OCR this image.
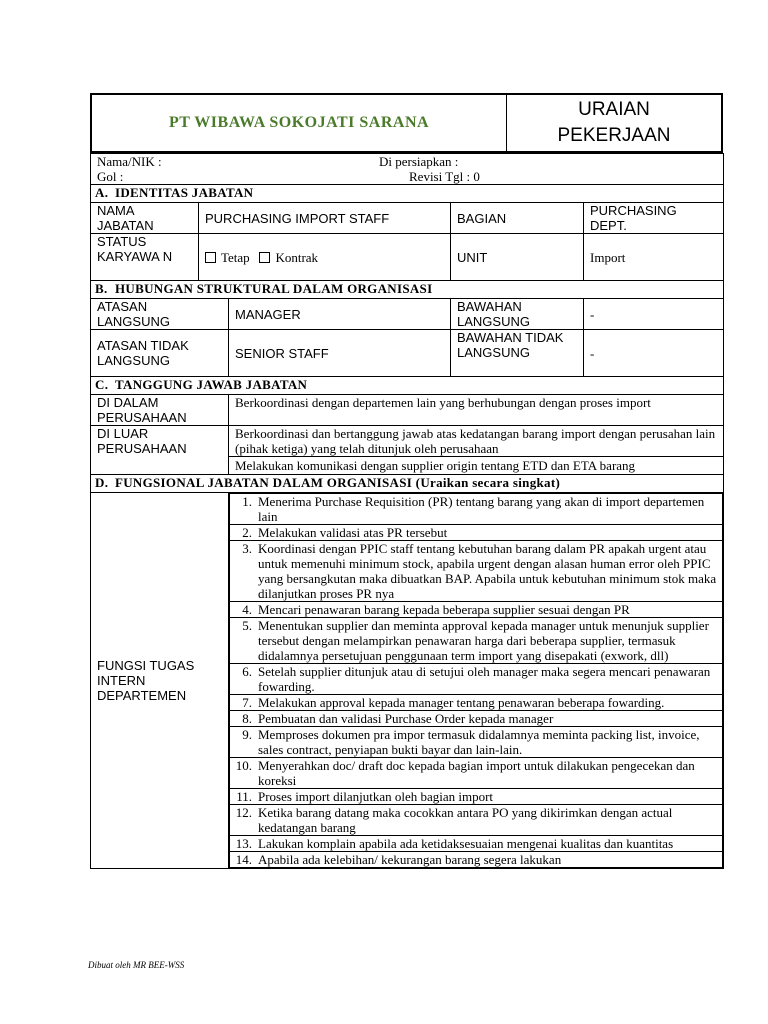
PT WIBAWA SOKOJATI SARANA
URAIAN
PEKERJAAN
Nama/NIK :	Di persiapkan :
Gol :	Revisi Tgl : 0

A. IDENTITAS JABATAN
NAMA JABATAN	PURCHASING IMPORT STAFF	BAGIAN	PURCHASING DEPT.
STATUS KARYAWA N	Tetap Kontrak	UNIT	Import
B. HUBUNGAN STRUKTURAL DALAM ORGANISASI
ATASAN LANGSUNG	MANAGER	BAWAHAN LANGSUNG	-
ATASAN TIDAK LANGSUNG	SENIOR STAFF	BAWAHAN TIDAK LANGSUNG	-
C. TANGGUNG JAWAB JABATAN
DI DALAM PERUSAHAAN	Berkoordinasi dengan departemen lain yang berhubungan dengan proses import
DI LUAR PERUSAHAAN	Berkoordinasi dan bertanggung jawab atas kedatangan barang import dengan perusahan lain (pihak ketiga) yang telah ditunjuk oleh perusahaan
Melakukan komunikasi dengan supplier origin tentang ETD dan ETA barang
D. FUNGSIONAL JABATAN DALAM ORGANISASI (Uraikan secara singkat)
FUNGSI TUGAS INTERN DEPARTEMEN	
1.	Menerima Purchase Requisition (PR) tentang barang yang akan di import departemen lain
2.	Melakukan validasi atas PR tersebut
3.	Koordinasi dengan PPIC staff tentang kebutuhan barang dalam PR apakah urgent atau untuk memenuhi minimum stock, apabila urgent dengan alasan human error oleh PPIC yang bersangkutan maka dibuatkan BAP. Apabila untuk kebutuhan minimum stok maka dilanjutkan proses PR nya
4.	Mencari penawaran barang kepada beberapa supplier sesuai dengan PR
5.	Menentukan supplier dan meminta approval kepada manager untuk menunjuk supplier tersebut dengan melampirkan penawaran harga dari beberapa supplier, termasuk didalamnya persetujuan penggunaan term import yang disepakati (exwork, dll)
6.	Setelah supplier ditunjuk atau di setujui oleh manager maka segera mencari penawaran fowarding.
7.	Melakukan approval kepada manager tentang penawaran beberapa fowarding.
8.	Pembuatan dan validasi Purchase Order kepada manager
9.	Memproses dokumen pra impor termasuk didalamnya meminta packing list, invoice, sales contract, penyiapan bukti bayar dan lain-lain.
10.	Menyerahkan doc/ draft doc kepada bagian import untuk dilakukan pengecekan dan koreksi
11.	Proses import dilanjutkan oleh bagian import
12.	Ketika barang datang maka cocokkan antara PO yang dikirimkan dengan actual kedatangan barang
13.	Lakukan komplain apabila ada ketidaksesuaian mengenai kualitas dan kuantitas
14.	Apabila ada kelebihan/ kekurangan barang segera lakukan
Dibuat oleh MR BEE-WSS
